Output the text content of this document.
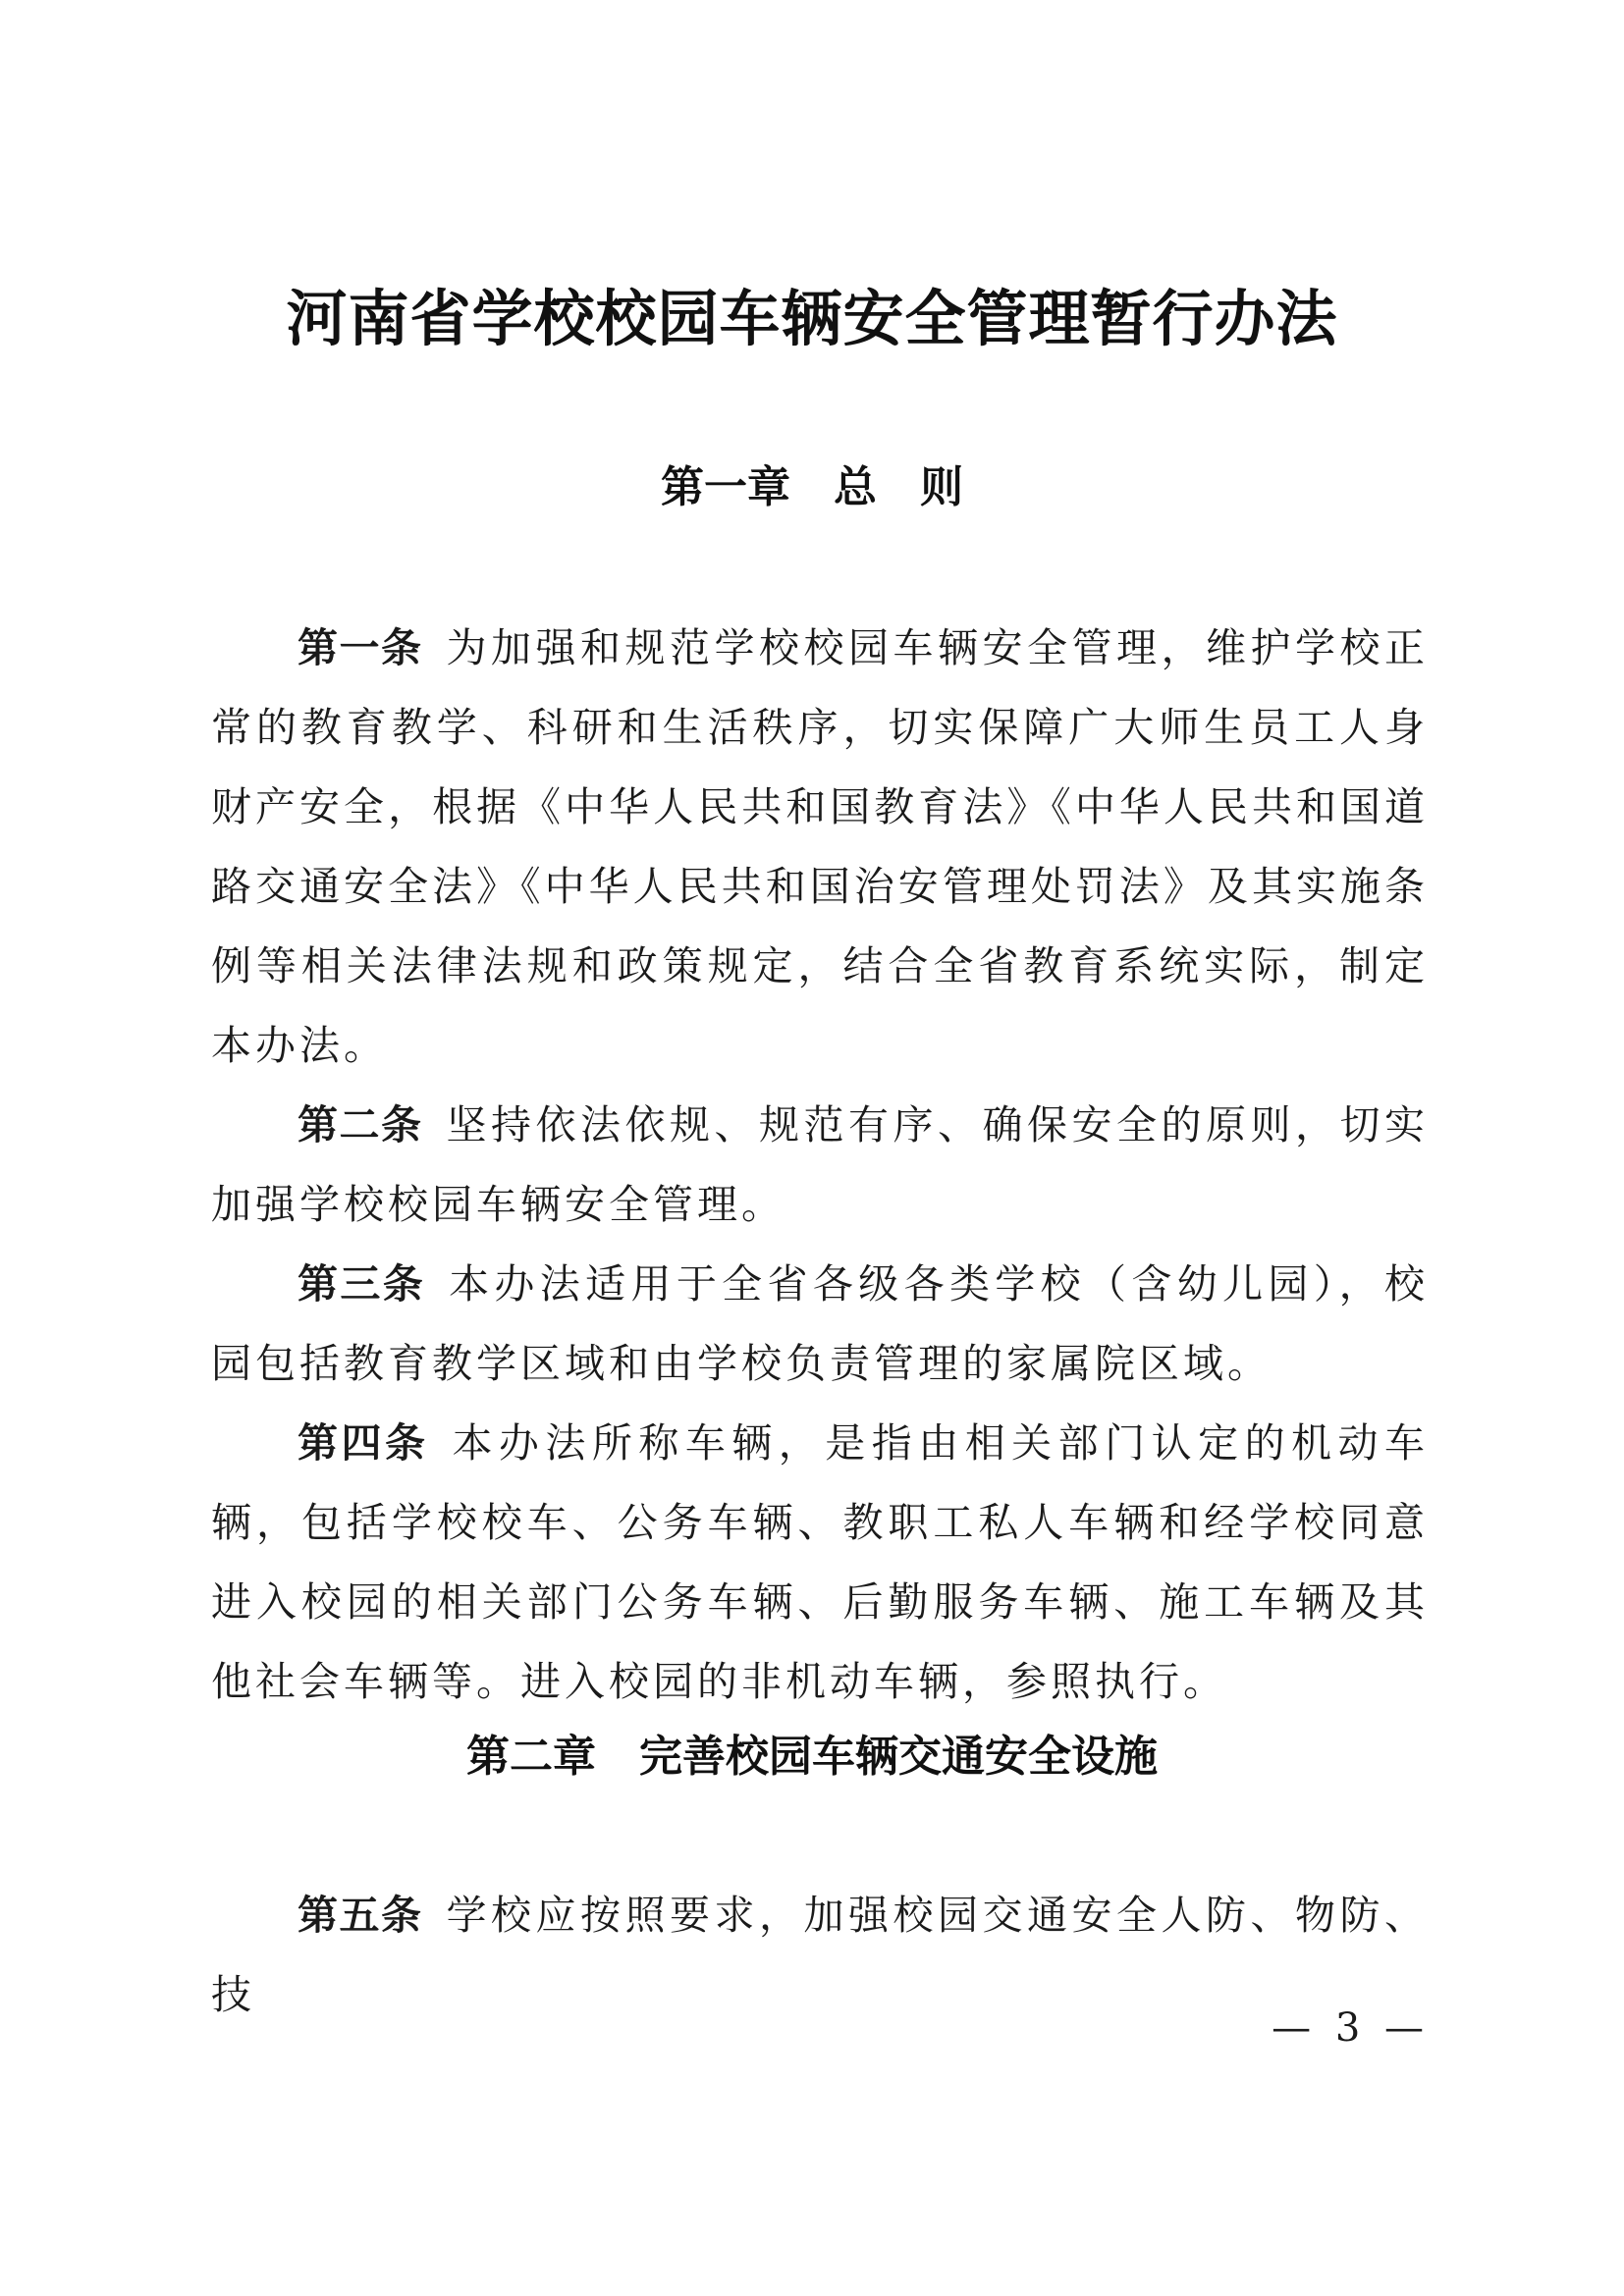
河南省学校校园车辆安全管理暂行办法
第一章　总　则

第一条 为加强和规范学校校园车辆安全管理，维护学校正常的教育教学、科研和生活秩序，切实保障广大师生员工人身财产安全，根据《中华人民共和国教育法》《中华人民共和国道路交通安全法》《中华人民共和国治安管理处罚法》及其实施条例等相关法律法规和政策规定，结合全省教育系统实际，制定本办法。

第二条 坚持依法依规、规范有序、确保安全的原则，切实加强学校校园车辆安全管理。

第三条 本办法适用于全省各级各类学校（含幼儿园），校园包括教育教学区域和由学校负责管理的家属院区域。

第四条 本办法所称车辆，是指由相关部门认定的机动车辆，包括学校校车、公务车辆、教职工私人车辆和经学校同意进入校园的相关部门公务车辆、后勤服务车辆、施工车辆及其他社会车辆等。进入校园的非机动车辆，参照执行。

第二章　完善校园车辆交通安全设施

第五条 学校应按照要求，加强校园交通安全人防、物防、技

— 3 —
